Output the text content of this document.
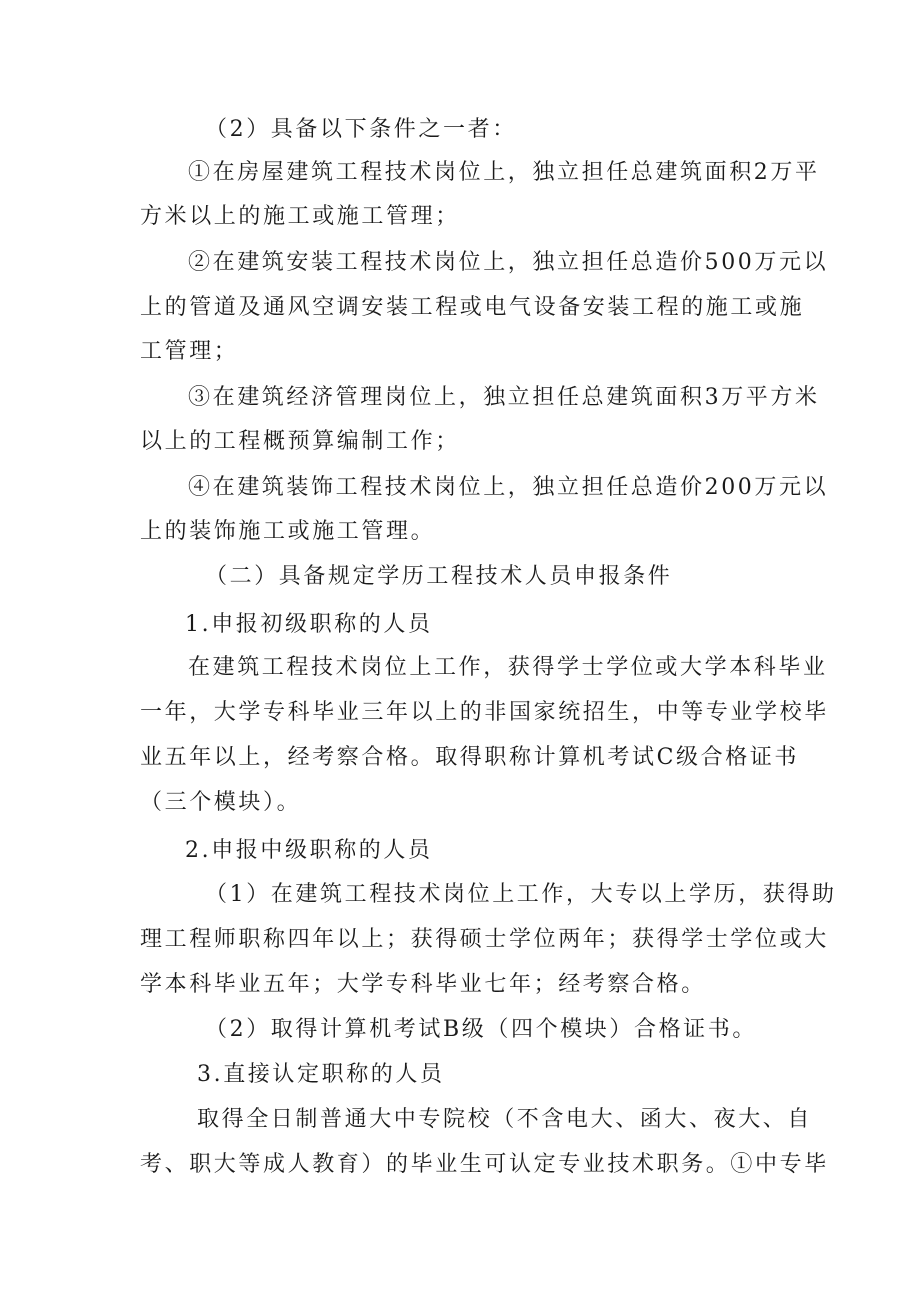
（2）具备以下条件之一者：
①在房屋建筑工程技术岗位上，独立担任总建筑面积2万平
方米以上的施工或施工管理；
②在建筑安装工程技术岗位上，独立担任总造价500万元以
上的管道及通风空调安装工程或电气设备安装工程的施工或施
工管理；
③在建筑经济管理岗位上，独立担任总建筑面积3万平方米
以上的工程概预算编制工作；
④在建筑装饰工程技术岗位上，独立担任总造价200万元以
上的装饰施工或施工管理。
（二）具备规定学历工程技术人员申报条件
1.申报初级职称的人员
在建筑工程技术岗位上工作，获得学士学位或大学本科毕业
一年，大学专科毕业三年以上的非国家统招生，中等专业学校毕
业五年以上，经考察合格。取得职称计算机考试C级合格证书
（三个模块）。
2.申报中级职称的人员
（1）在建筑工程技术岗位上工作，大专以上学历，获得助
理工程师职称四年以上；获得硕士学位两年；获得学士学位或大
学本科毕业五年；大学专科毕业七年；经考察合格。
（2）取得计算机考试B级（四个模块）合格证书。
3.直接认定职称的人员
取得全日制普通大中专院校（不含电大、函大、夜大、自
考、职大等成人教育）的毕业生可认定专业技术职务。①中专毕
